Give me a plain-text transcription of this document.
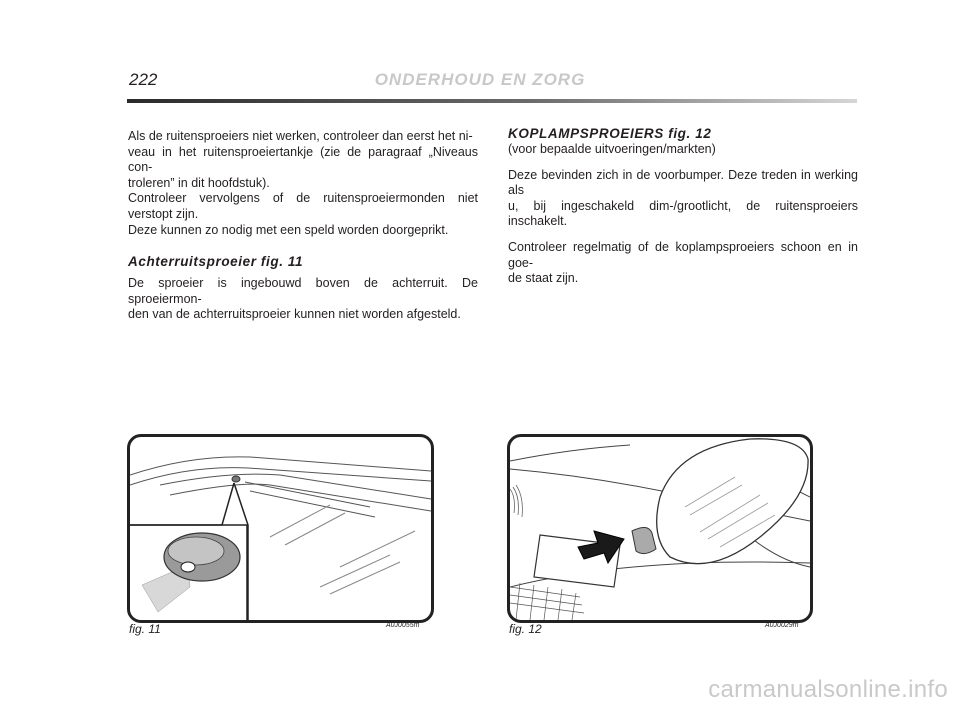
222	ONDERHOUD EN ZORG

Als de ruitensproeiers niet werken, controleer dan eerst het ni-
veau in het ruitensproeiertankje (zie de paragraaf „Niveaus con-
troleren” in dit hoofdstuk).
Controleer vervolgens of de ruitensproeiermonden niet verstopt zijn.
Deze kunnen zo nodig met een speld worden doorgeprikt.

Achterruitsproeier fig. 11

De sproeier is ingebouwd boven de achterruit. De sproeiermon-
den van de achterruitsproeier kunnen niet worden afgesteld.

KOPLAMPSPROEIERS fig. 12

(voor bepaalde uitvoeringen/markten)

Deze bevinden zich in de voorbumper. Deze treden in werking als
u, bij ingeschakeld dim-/grootlicht, de ruitensproeiers inschakelt.

Controleer regelmatig of de koplampsproeiers schoon en in goe-
de staat zijn.

fig. 11	A0J0055m	fig. 12	A0J0029m
carmanualsonline.info
